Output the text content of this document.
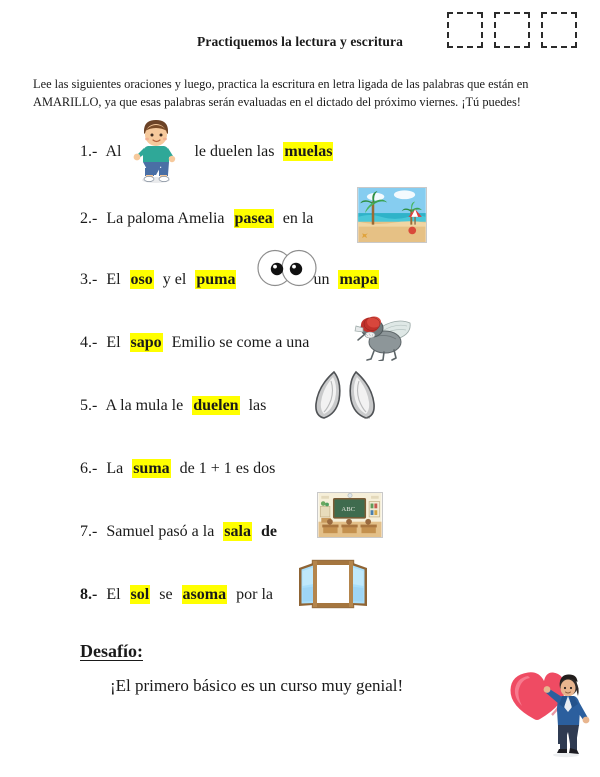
Practiquemos la lectura y escritura
Lee las siguientes oraciones y luego, practica la escritura en letra ligada de las palabras que están en AMARILLO, ya que esas palabras serán evaluadas en el dictado del próximo viernes. ¡Tú puedes!
1.- Al	le duelen las muelas
2.- La paloma Amelia pasea en la
3.- El oso y el puma	un mapa
4.- El sapo Emilio se come a una
ears
5.- A la mula le duelen las
6.- La suma de 1 + 1 es dos
ABC
7.- Samuel pasó a la sala de
8.- El sol se asoma por la
Desafío:
¡El primero básico es un curso muy genial!
